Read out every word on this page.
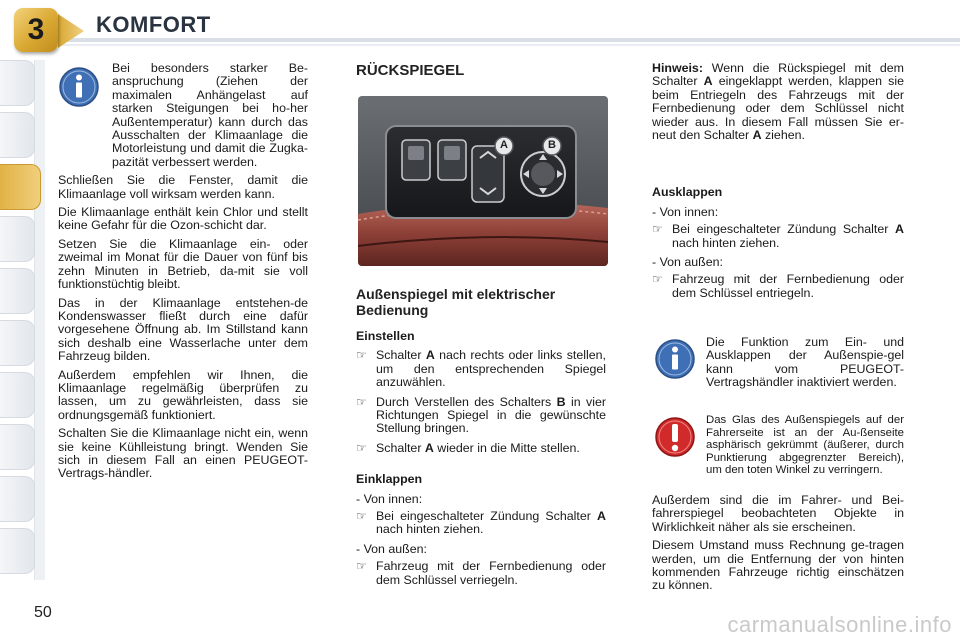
3	KOMFORT

Bei besonders starker Be-anspruchung (Ziehen der maximalen Anhängelast auf starken Steigungen bei ho-her Außentemperatur) kann durch das Ausschalten der Klimaanlage die Motorleistung und damit die Zugka-pazität verbessert werden.

Schließen Sie die Fenster, damit die Klimaanlage voll wirksam werden kann.

Die Klimaanlage enthält kein Chlor und stellt keine Gefahr für die Ozon-schicht dar.

Setzen Sie die Klimaanlage ein- oder zweimal im Monat für die Dauer von fünf bis zehn Minuten in Betrieb, da-mit sie voll funktionstüchtig bleibt.

Das in der Klimaanlage entstehen-de Kondenswasser fließt durch eine dafür vorgesehene Öffnung ab. Im Stillstand kann sich deshalb eine Wasserlache unter dem Fahrzeug bilden.

Außerdem empfehlen wir Ihnen, die Klimaanlage regelmäßig überprüfen zu lassen, um zu gewährleisten, dass sie ordnungsgemäß funktioniert.

Schalten Sie die Klimaanlage nicht ein, wenn sie keine Kühlleistung bringt. Wenden Sie sich in diesem Fall an einen PEUGEOT- Vertrags-händler.

RÜCKSPIEGEL
A	B
Außenspiegel mit elektrischer Bedienung
Einstellen
☞ Schalter A nach rechts oder links stellen, um den entsprechenden Spiegel anzuwählen.
☞ Durch Verstellen des Schalters B in vier Richtungen Spiegel in die gewünschte Stellung bringen.
☞ Schalter A wieder in die Mitte stellen.
Einklappen
- Von innen:
☞ Bei eingeschalteter Zündung Schalter A nach hinten ziehen.
- Von außen:
☞ Fahrzeug mit der Fernbedienung oder dem Schlüssel verriegeln.

Hinweis: Wenn die Rückspiegel mit dem Schalter A eingeklappt werden, klappen sie beim Entriegeln des Fahrzeugs mit der Fernbedienung oder dem Schlüssel nicht wieder aus. In diesem Fall müssen Sie er-neut den Schalter A ziehen.

Ausklappen
- Von innen:
☞ Bei eingeschalteter Zündung Schalter A nach hinten ziehen.
- Von außen:
☞ Fahrzeug mit der Fernbedienung oder dem Schlüssel entriegeln.

Die Funktion zum Ein- und Ausklappen der Außenspie-gel kann vom PEUGEOT-Vertragshändler inaktiviert werden.

Das Glas des Außenspiegels auf der Fahrerseite ist an der Au-ßenseite asphärisch gekrümmt (äußerer, durch Punktierung abgegrenzter Bereich), um den toten Winkel zu verringern.

Außerdem sind die im Fahrer- und Bei-fahrerspiegel beobachteten Objekte in Wirklichkeit näher als sie erscheinen.

Diesem Umstand muss Rechnung ge-tragen werden, um die Entfernung der von hinten kommenden Fahrzeuge richtig einschätzen zu können.

50	carmanualsonline.info
